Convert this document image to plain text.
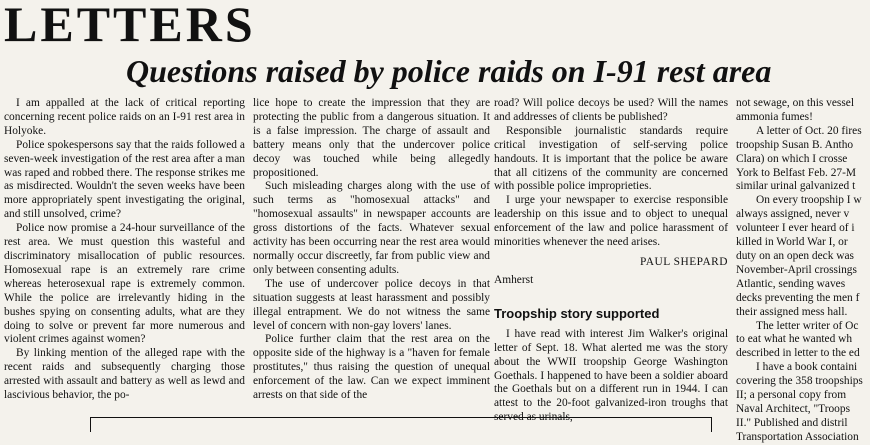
LETTERS
Questions raised by police raids on I-91 rest area

I am appalled at the lack of critical reporting concerning recent police raids on an I-91 rest area in Holyoke.

Police spokespersons say that the raids followed a seven-week investigation of the rest area after a man was raped and robbed there. The response strikes me as misdirected. Wouldn't the seven weeks have been more appropriately spent investigating the original, and still unsolved, crime?

Police now promise a 24-hour surveillance of the rest area. We must question this wasteful and discriminatory misallocation of public resources. Homosexual rape is an extremely rare crime whereas heterosexual rape is extremely common. While the police are irrelevantly hiding in the bushes spying on consenting adults, what are they doing to solve or prevent far more numerous and violent crimes against women?

By linking mention of the alleged rape with the recent raids and subsequently charging those arrested with assault and battery as well as lewd and lascivious behavior, the po-

lice hope to create the impression that they are protecting the public from a dangerous situation. It is a false impression. The charge of assault and battery means only that the undercover police decoy was touched while being allegedly propositioned.

Such misleading charges along with the use of such terms as "homosexual attacks" and "homosexual assaults" in newspaper accounts are gross distortions of the facts. Whatever sexual activity has been occurring near the rest area would normally occur discreetly, far from public view and only between consenting adults.

The use of undercover police decoys in that situation suggests at least harassment and possibly illegal entrapment. We do not witness the same level of concern with non-gay lovers' lanes.

Police further claim that the rest area on the opposite side of the highway is a "haven for female prostitutes," thus raising the question of unequal enforcement of the law. Can we expect imminent arrests on that side of the

road? Will police decoys be used? Will the names and addresses of clients be published?

Responsible journalistic standards require critical investigation of self-serving police handouts. It is important that the police be aware that all citizens of the community are concerned with possible police improprieties.

I urge your newspaper to exercise responsible leadership on this issue and to object to unequal enforcement of the law and police harassment of minorities whenever the need arises.

PAUL SHEPARD

Amherst

Troopship story supported

I have read with interest Jim Walker's original letter of Sept. 18. What alerted me was the story about the WWII troopship George Washington Goethals. I happened to have been a soldier aboard the Goethals but on a different run in 1944. I can attest to the 20-foot galvanized-iron troughs that served as urinals,

not sewage, on this vessel

ammonia fumes!

A letter of Oct. 20 fires

troopship Susan B. Antho

Clara) on which I crosse

York to Belfast Feb. 27-M

similar urinal galvanized t

On every troopship I w

always assigned, never v

volunteer I ever heard of i

killed in World War I, or

duty on an open deck was

November-April crossings

Atlantic, sending waves

decks preventing the men f

their assigned mess hall.

The letter writer of Oc

to eat what he wanted wh

described in letter to the ed

I have a book containi

covering the 358 troopships

II; a personal copy from

Naval Architect, "Troops

II." Published and distril

Transportation Association
